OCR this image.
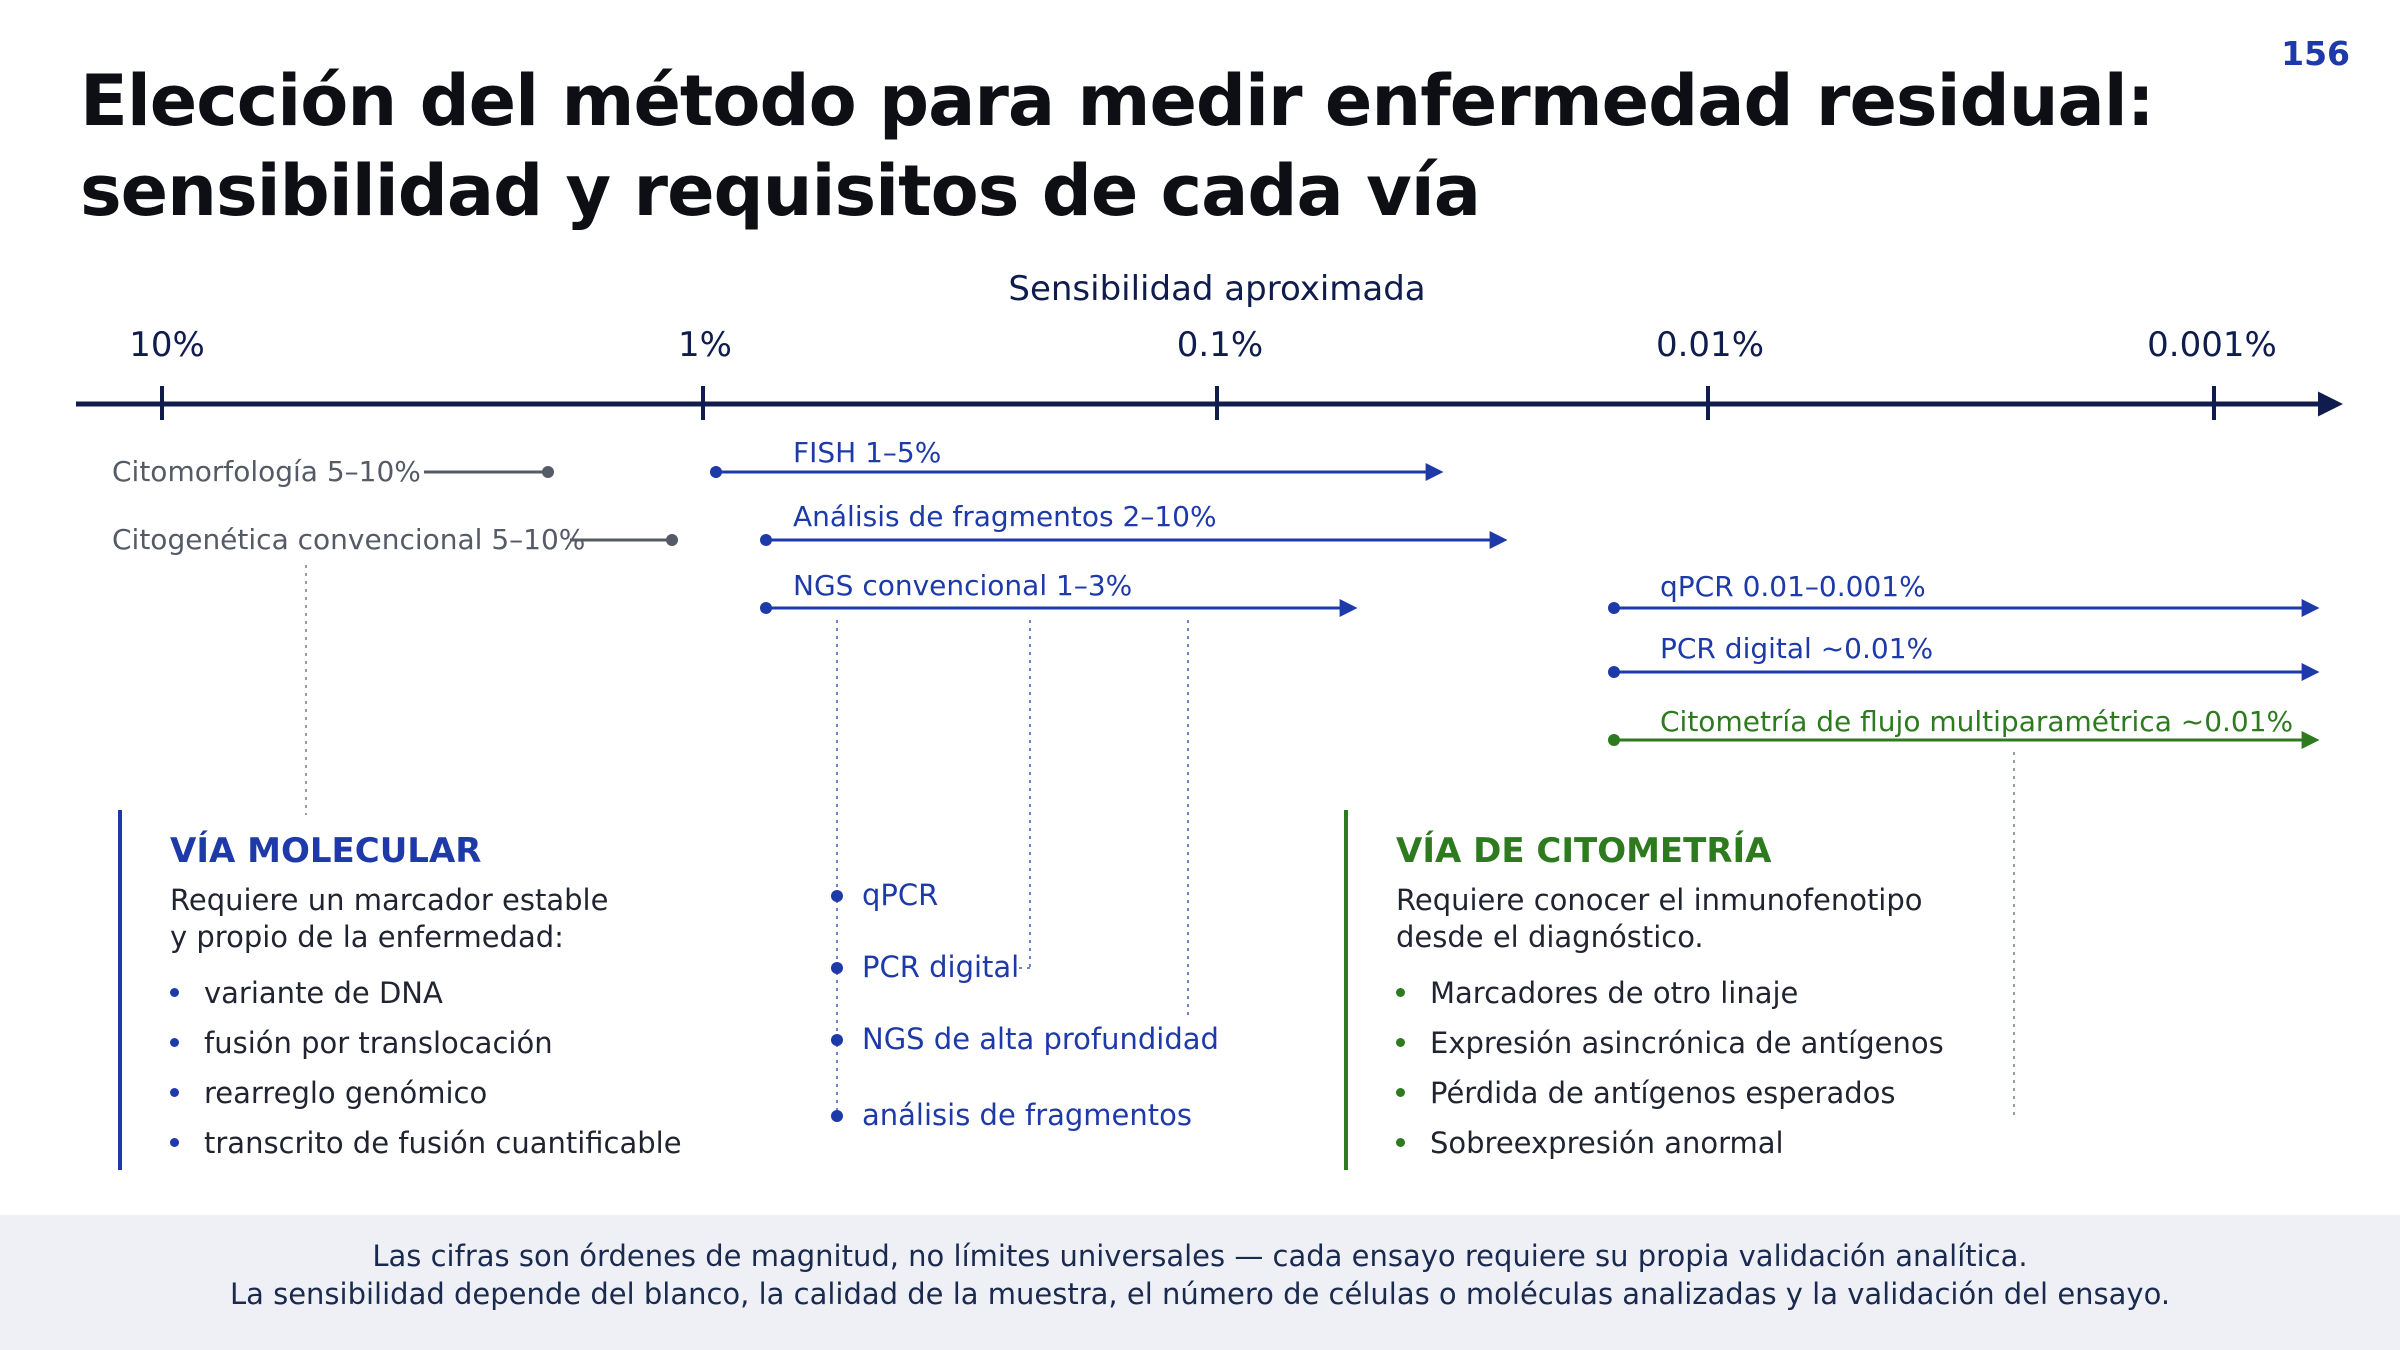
156
Elección del método para medir enfermedad residual:
sensibilidad y requisitos de cada vía
Sensibilidad aproximada
10%	1%	0.1%	0.01%	0.001%
Citomorfología 5–10%
Citogenética convencional 5–10%
FISH 1–5%
Análisis de fragmentos 2–10%
NGS convencional 1–3%	qPCR 0.01–0.001%
PCR digital ~0.01%
Citometría de flujo multiparamétrica ~0.01%
VÍA MOLECULAR

Requiere un marcador estable
y propio de la enfermedad:

variante de DNA
fusión por translocación
rearreglo genómico
transcrito de fusión cuantificable
qPCR
PCR digital
NGS de alta profundidad
análisis de fragmentos
VÍA DE CITOMETRÍA

Requiere conocer el inmunofenotipo
desde el diagnóstico.

Marcadores de otro linaje
Expresión asincrónica de antígenos
Pérdida de antígenos esperados
Sobreexpresión anormal
Las cifras son órdenes de magnitud, no límites universales — cada ensayo requiere su propia validación analítica.
La sensibilidad depende del blanco, la calidad de la muestra, el número de células o moléculas analizadas y la validación del ensayo.
